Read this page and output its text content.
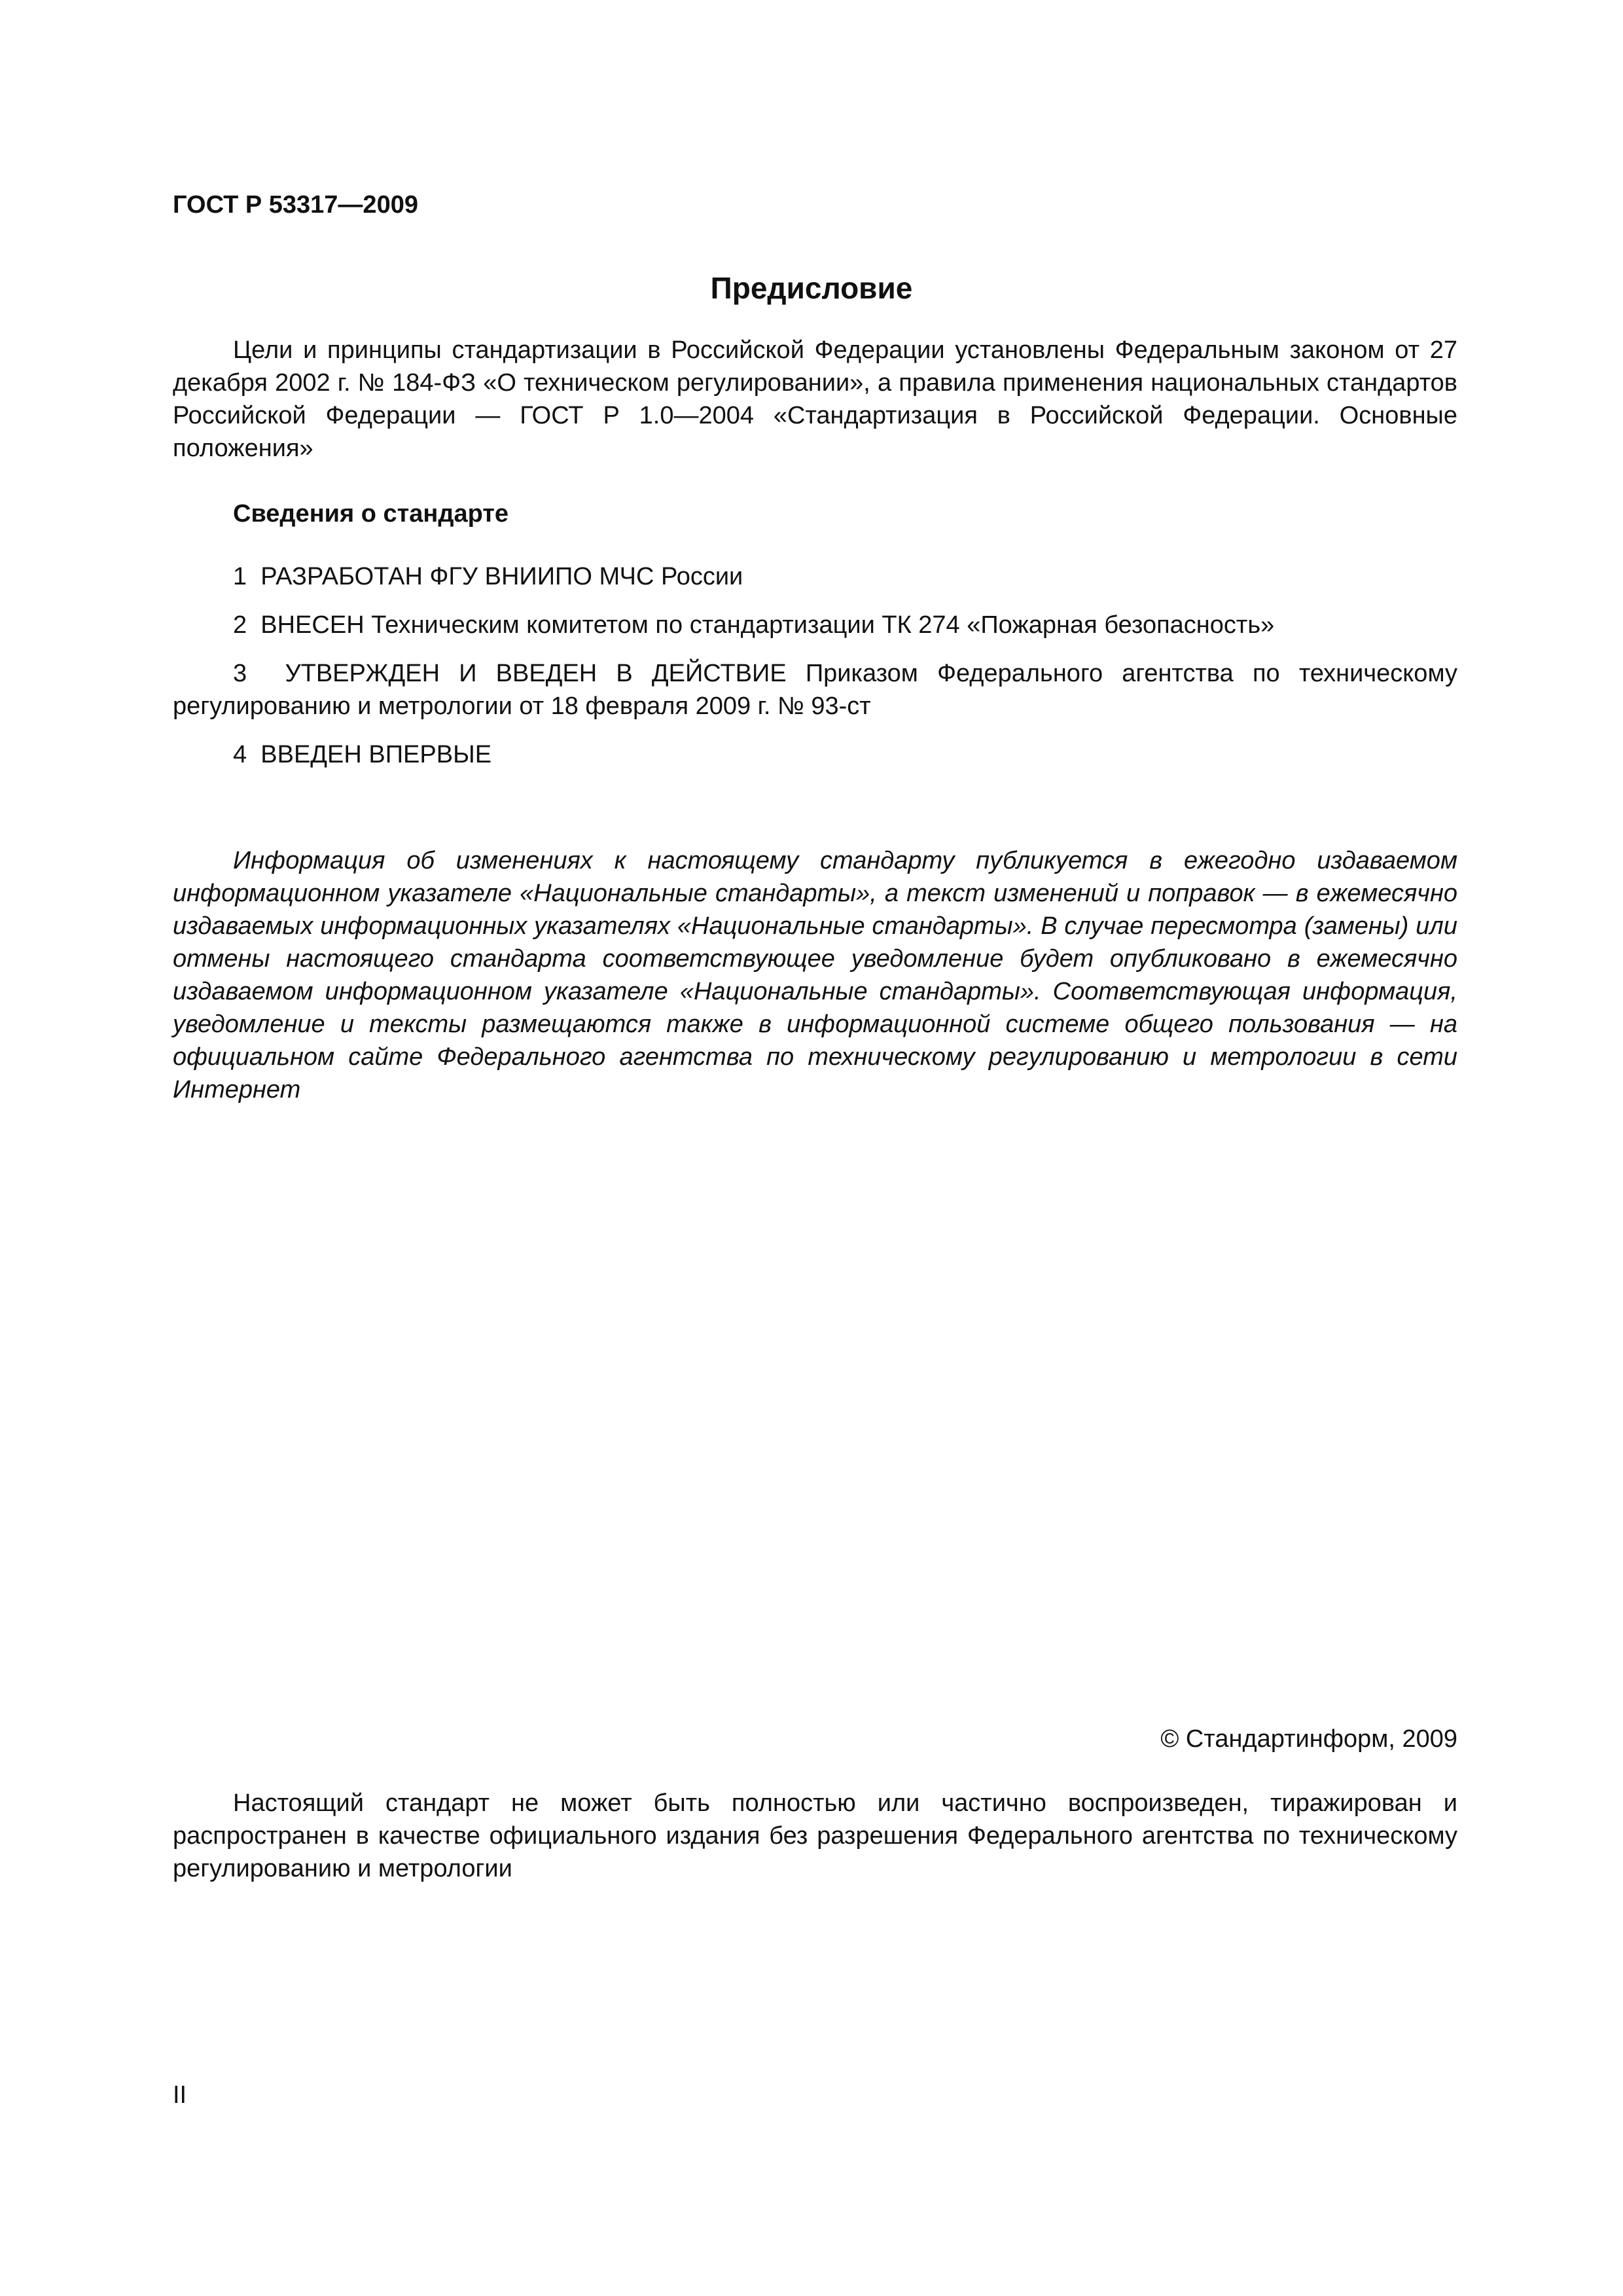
ГОСТ Р 53317—2009
Предисловие

Цели и принципы стандартизации в Российской Федерации установлены Федеральным законом от 27 декабря 2002 г. № 184-ФЗ «О техническом регулировании», а правила применения национальных стандартов Российской Федерации — ГОСТ Р 1.0—2004 «Стандартизация в Российской Федерации. Основные положения»

Сведения о стандарте

1 РАЗРАБОТАН ФГУ ВНИИПО МЧС России

2 ВНЕСЕН Техническим комитетом по стандартизации ТК 274 «Пожарная безопасность»

3 УТВЕРЖДЕН И ВВЕДЕН В ДЕЙСТВИЕ Приказом Федерального агентства по техническому регулированию и метрологии от 18 февраля 2009 г. № 93-ст

4 ВВЕДЕН ВПЕРВЫЕ

Информация об изменениях к настоящему стандарту публикуется в ежегодно издаваемом информационном указателе «Национальные стандарты», а текст изменений и поправок — в ежемесячно издаваемых информационных указателях «Национальные стандарты». В случае пересмотра (замены) или отмены настоящего стандарта соответствующее уведомление будет опубликовано в ежемесячно издаваемом информационном указателе «Национальные стандарты». Соответствующая информация, уведомление и тексты размещаются также в информационной системе общего пользования — на официальном сайте Федерального агентства по техническому регулированию и метрологии в сети Интернет

© Стандартинформ, 2009

Настоящий стандарт не может быть полностью или частично воспроизведен, тиражирован и распространен в качестве официального издания без разрешения Федерального агентства по техническому регулированию и метрологии

II
